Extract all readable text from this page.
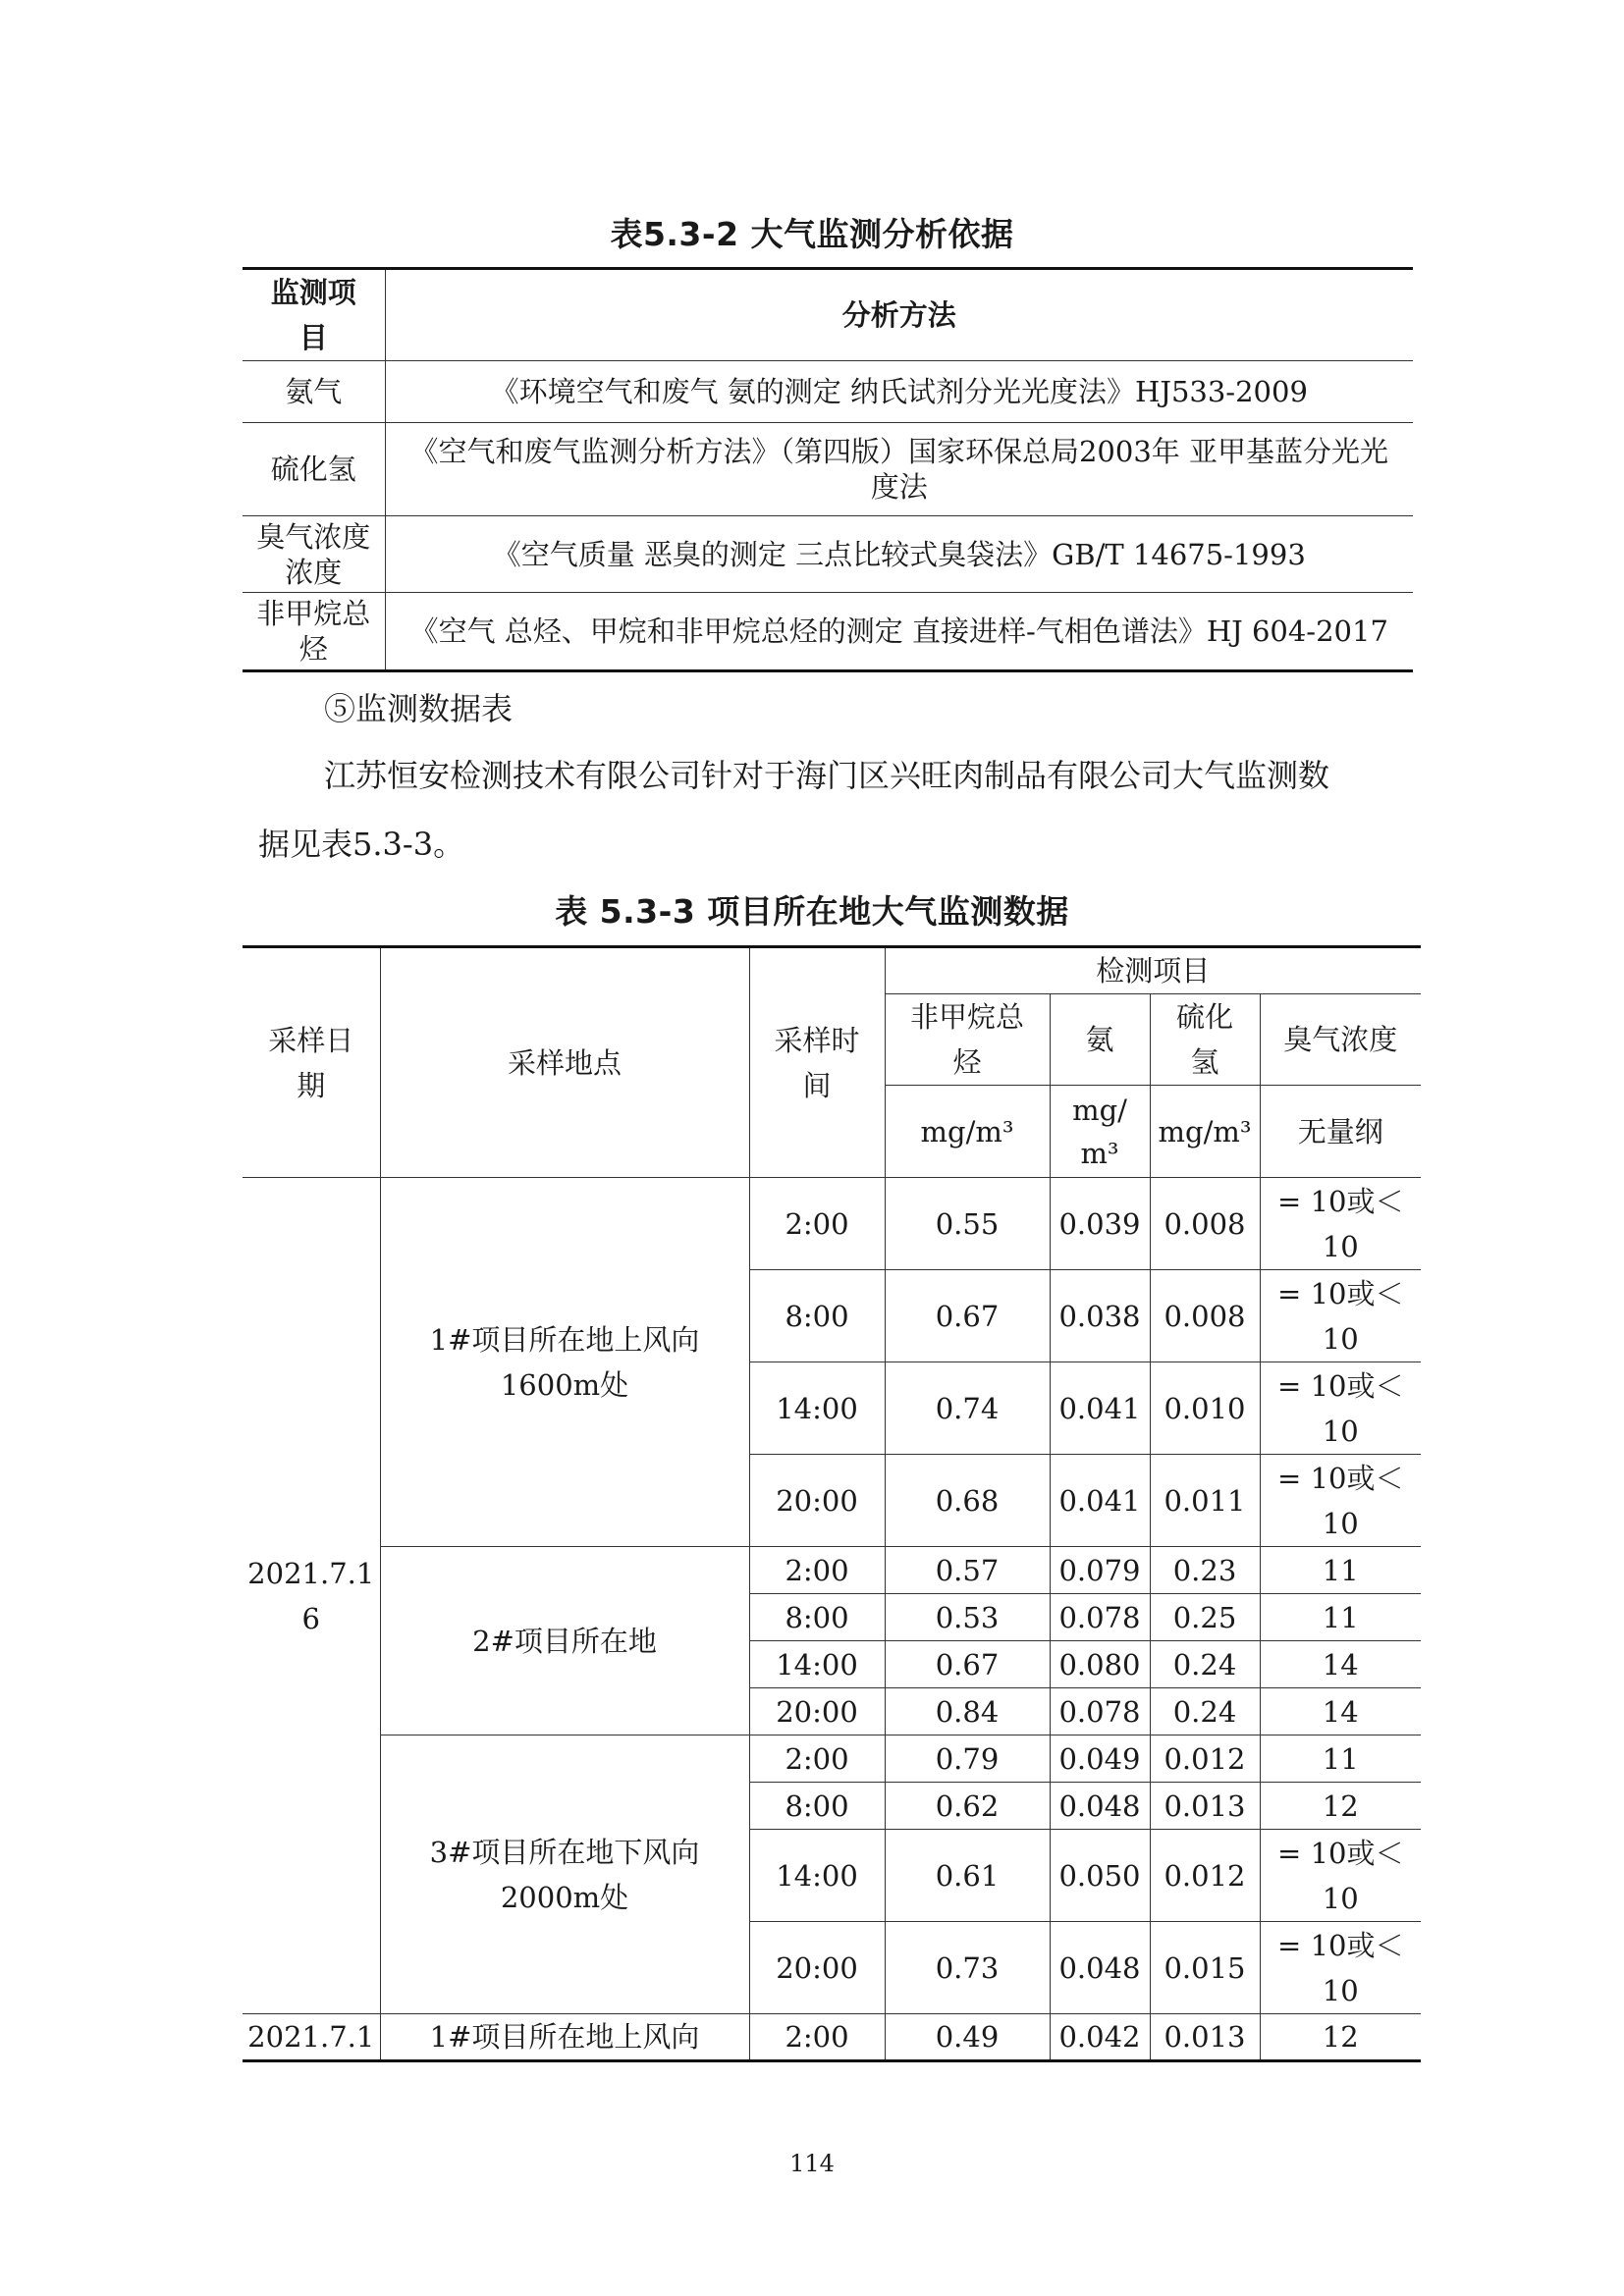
表5.3-2 大气监测分析依据
监测项
目	分析方法
氨气	《环境空气和废气 氨的测定 纳氏试剂分光光度法》HJ533-2009
硫化氢	《空气和废气监测分析方法》（第四版）国家环保总局2003年 亚甲基蓝分光光
度法
臭气浓度
浓度	《空气质量 恶臭的测定 三点比较式臭袋法》GB/T 14675-1993
非甲烷总
烃	《空气 总烃、甲烷和非甲烷总烃的测定 直接进样-气相色谱法》HJ 604-2017
⑤监测数据表
江苏恒安检测技术有限公司针对于海门区兴旺肉制品有限公司大气监测数
据见表5.3-3。
表 5.3-3 项目所在地大气监测数据
采样日
期	采样地点	采样时
间	检测项目			
			非甲烷总
烃	氨	硫化
氢	臭气浓度
			mg/m³	mg/
m³	mg/m³	无量纲
2021.7.1
6	1#项目所在地上风向
1600m处	2:00	0.55	0.039	0.008	= 10或＜
10
		8:00	0.67	0.038	0.008	= 10或＜
10
		14:00	0.74	0.041	0.010	= 10或＜
10
		20:00	0.68	0.041	0.011	= 10或＜
10
	2#项目所在地	2:00	0.57	0.079	0.23	11
		8:00	0.53	0.078	0.25	11
		14:00	0.67	0.080	0.24	14
		20:00	0.84	0.078	0.24	14
	3#项目所在地下风向
2000m处	2:00	0.79	0.049	0.012	11
		8:00	0.62	0.048	0.013	12
		14:00	0.61	0.050	0.012	= 10或＜
10
		20:00	0.73	0.048	0.015	= 10或＜
10
2021.7.1	1#项目所在地上风向	2:00	0.49	0.042	0.013	12
114
